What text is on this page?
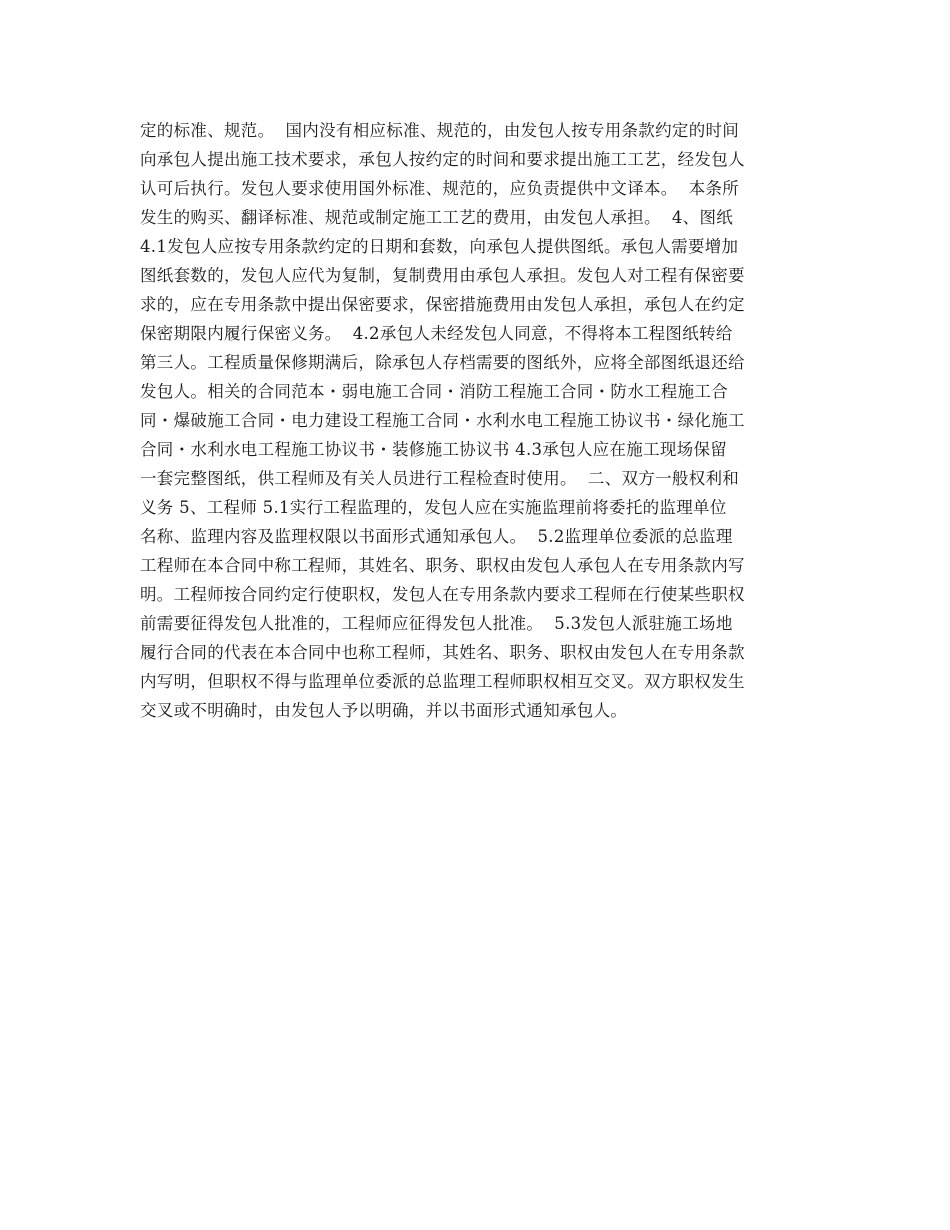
定的标准、规范。  国内没有相应标准、规范的，由发包人按专用条款约定的时间
向承包人提出施工技术要求，承包人按约定的时间和要求提出施工工艺，经发包人
认可后执行。发包人要求使用国外标准、规范的，应负责提供中文译本。  本条所
发生的购买、翻译标准、规范或制定施工工艺的费用，由发包人承担。  4、图纸
4.1发包人应按专用条款约定的日期和套数，向承包人提供图纸。承包人需要增加
图纸套数的，发包人应代为复制，复制费用由承包人承担。发包人对工程有保密要
求的，应在专用条款中提出保密要求，保密措施费用由发包人承担，承包人在约定
保密期限内履行保密义务。  4.2承包人未经发包人同意，不得将本工程图纸转给
第三人。工程质量保修期满后，除承包人存档需要的图纸外，应将全部图纸退还给
发包人。相关的合同范本・弱电施工合同・消防工程施工合同・防水工程施工合
同・爆破施工合同・电力建设工程施工合同・水利水电工程施工协议书・绿化施工
合同・水利水电工程施工协议书・装修施工协议书 4.3承包人应在施工现场保留
一套完整图纸，供工程师及有关人员进行工程检查时使用。  二、双方一般权利和
义务 5、工程师 5.1实行工程监理的，发包人应在实施监理前将委托的监理单位
名称、监理内容及监理权限以书面形式通知承包人。  5.2监理单位委派的总监理
工程师在本合同中称工程师，其姓名、职务、职权由发包人承包人在专用条款内写
明。工程师按合同约定行使职权，发包人在专用条款内要求工程师在行使某些职权
前需要征得发包人批准的，工程师应征得发包人批准。  5.3发包人派驻施工场地
履行合同的代表在本合同中也称工程师，其姓名、职务、职权由发包人在专用条款
内写明，但职权不得与监理单位委派的总监理工程师职权相互交叉。双方职权发生
交叉或不明确时，由发包人予以明确，并以书面形式通知承包人。
